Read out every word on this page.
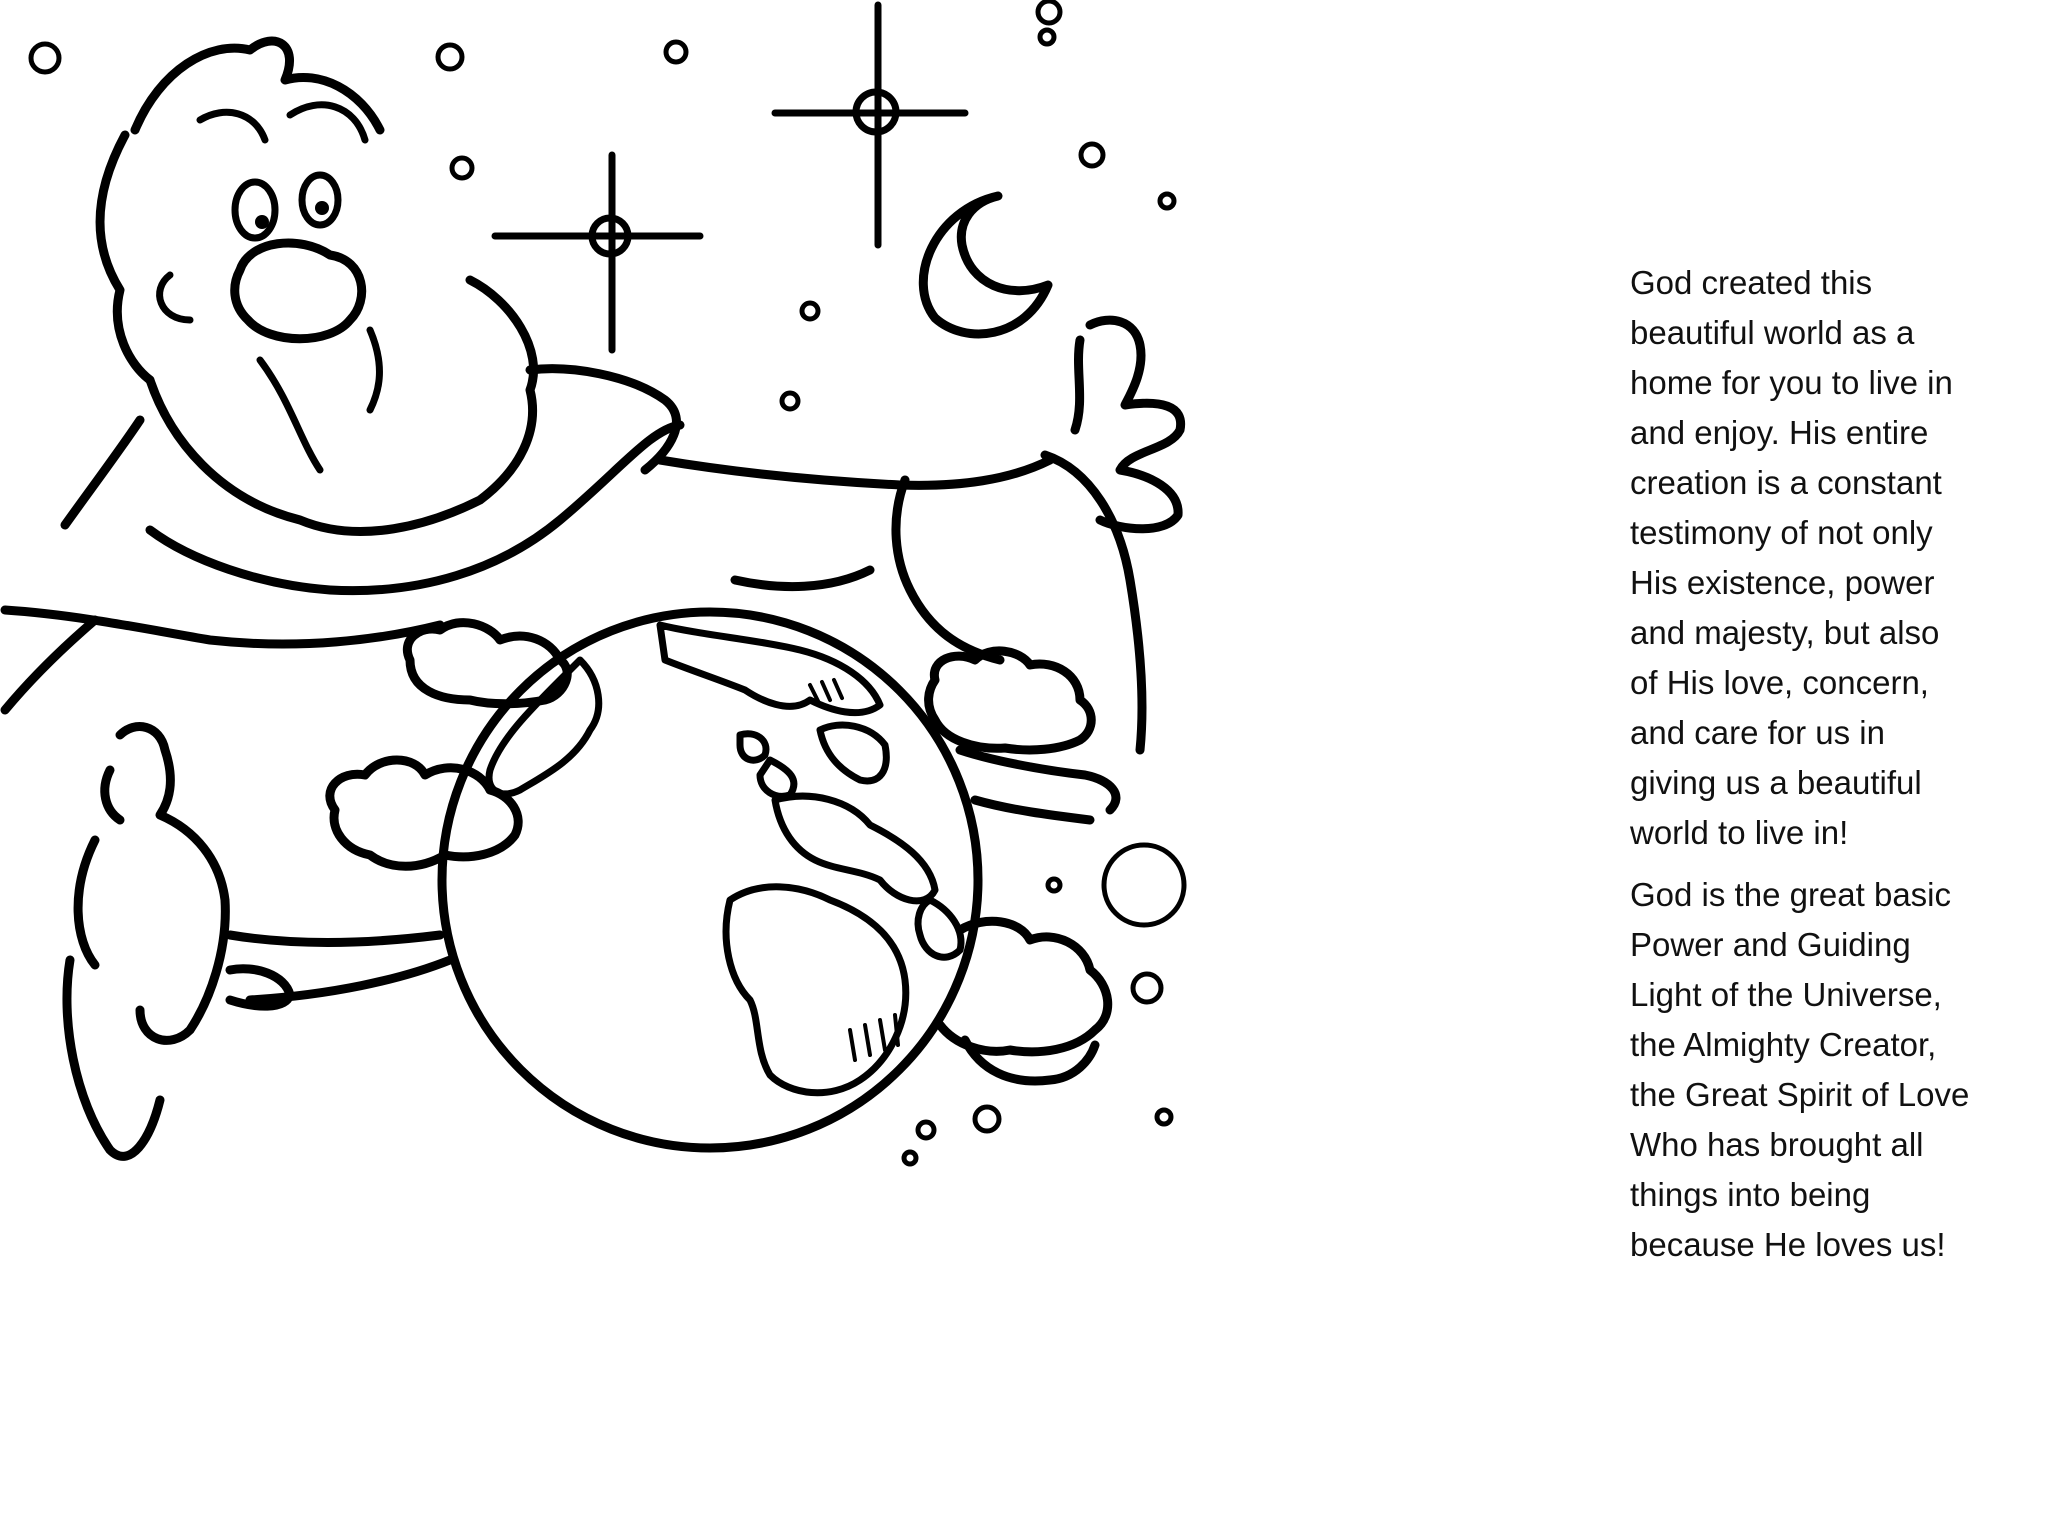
God created this
beautiful world as a
home for you to live in
and enjoy. His entire
creation is a constant
testimony of not only
His existence, power
and majesty, but also
of His love, concern,
and care for us in
giving us a beautiful
world to live in!

God is the great basic
Power and Guiding
Light of the Universe,
the Almighty Creator,
the Great Spirit of Love
Who has brought all
things into being
because He loves us!
